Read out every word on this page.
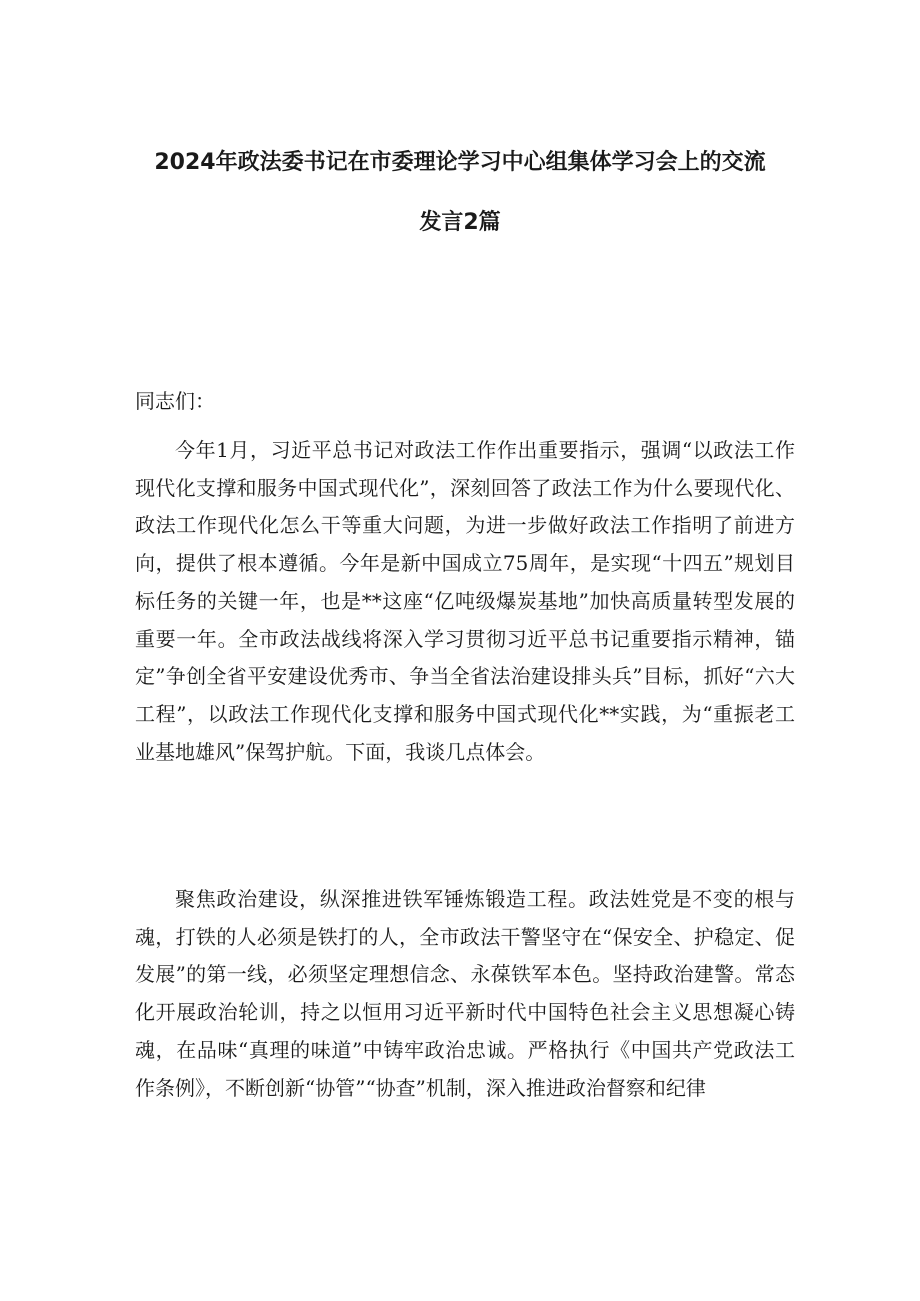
2024年政法委书记在市委理论学习中心组集体学习会上的交流
发言2篇

同志们：

今年1月，习近平总书记对政法工作作出重要指示，强调“以政法工作现代化支撑和服务中国式现代化”，深刻回答了政法工作为什么要现代化、政法工作现代化怎么干等重大问题，为进一步做好政法工作指明了前进方向，提供了根本遵循。今年是新中国成立75周年，是实现“十四五”规划目标任务的关键一年，也是**这座“亿吨级爆炭基地”加快高质量转型发展的重要一年。全市政法战线将深入学习贯彻习近平总书记重要指示精神，锚定”争创全省平安建设优秀市、争当全省法治建设排头兵”目标，抓好“六大工程”，以政法工作现代化支撑和服务中国式现代化**实践，为“重振老工业基地雄风”保驾护航。下面，我谈几点体会。

聚焦政治建设，纵深推进铁军锤炼锻造工程。政法姓党是不变的根与魂，打铁的人必须是铁打的人，全市政法干警坚守在“保安全、护稳定、促发展”的第一线，必须坚定理想信念、永葆铁军本色。坚持政治建警。常态化开展政治轮训，持之以恒用习近平新时代中国特色社会主义思想凝心铸魂，在品味“真理的味道”中铸牢政治忠诚。严格执行《中国共产党政法工作条例》，不断创新“协管”“协查”机制，深入推进政治督察和纪律
